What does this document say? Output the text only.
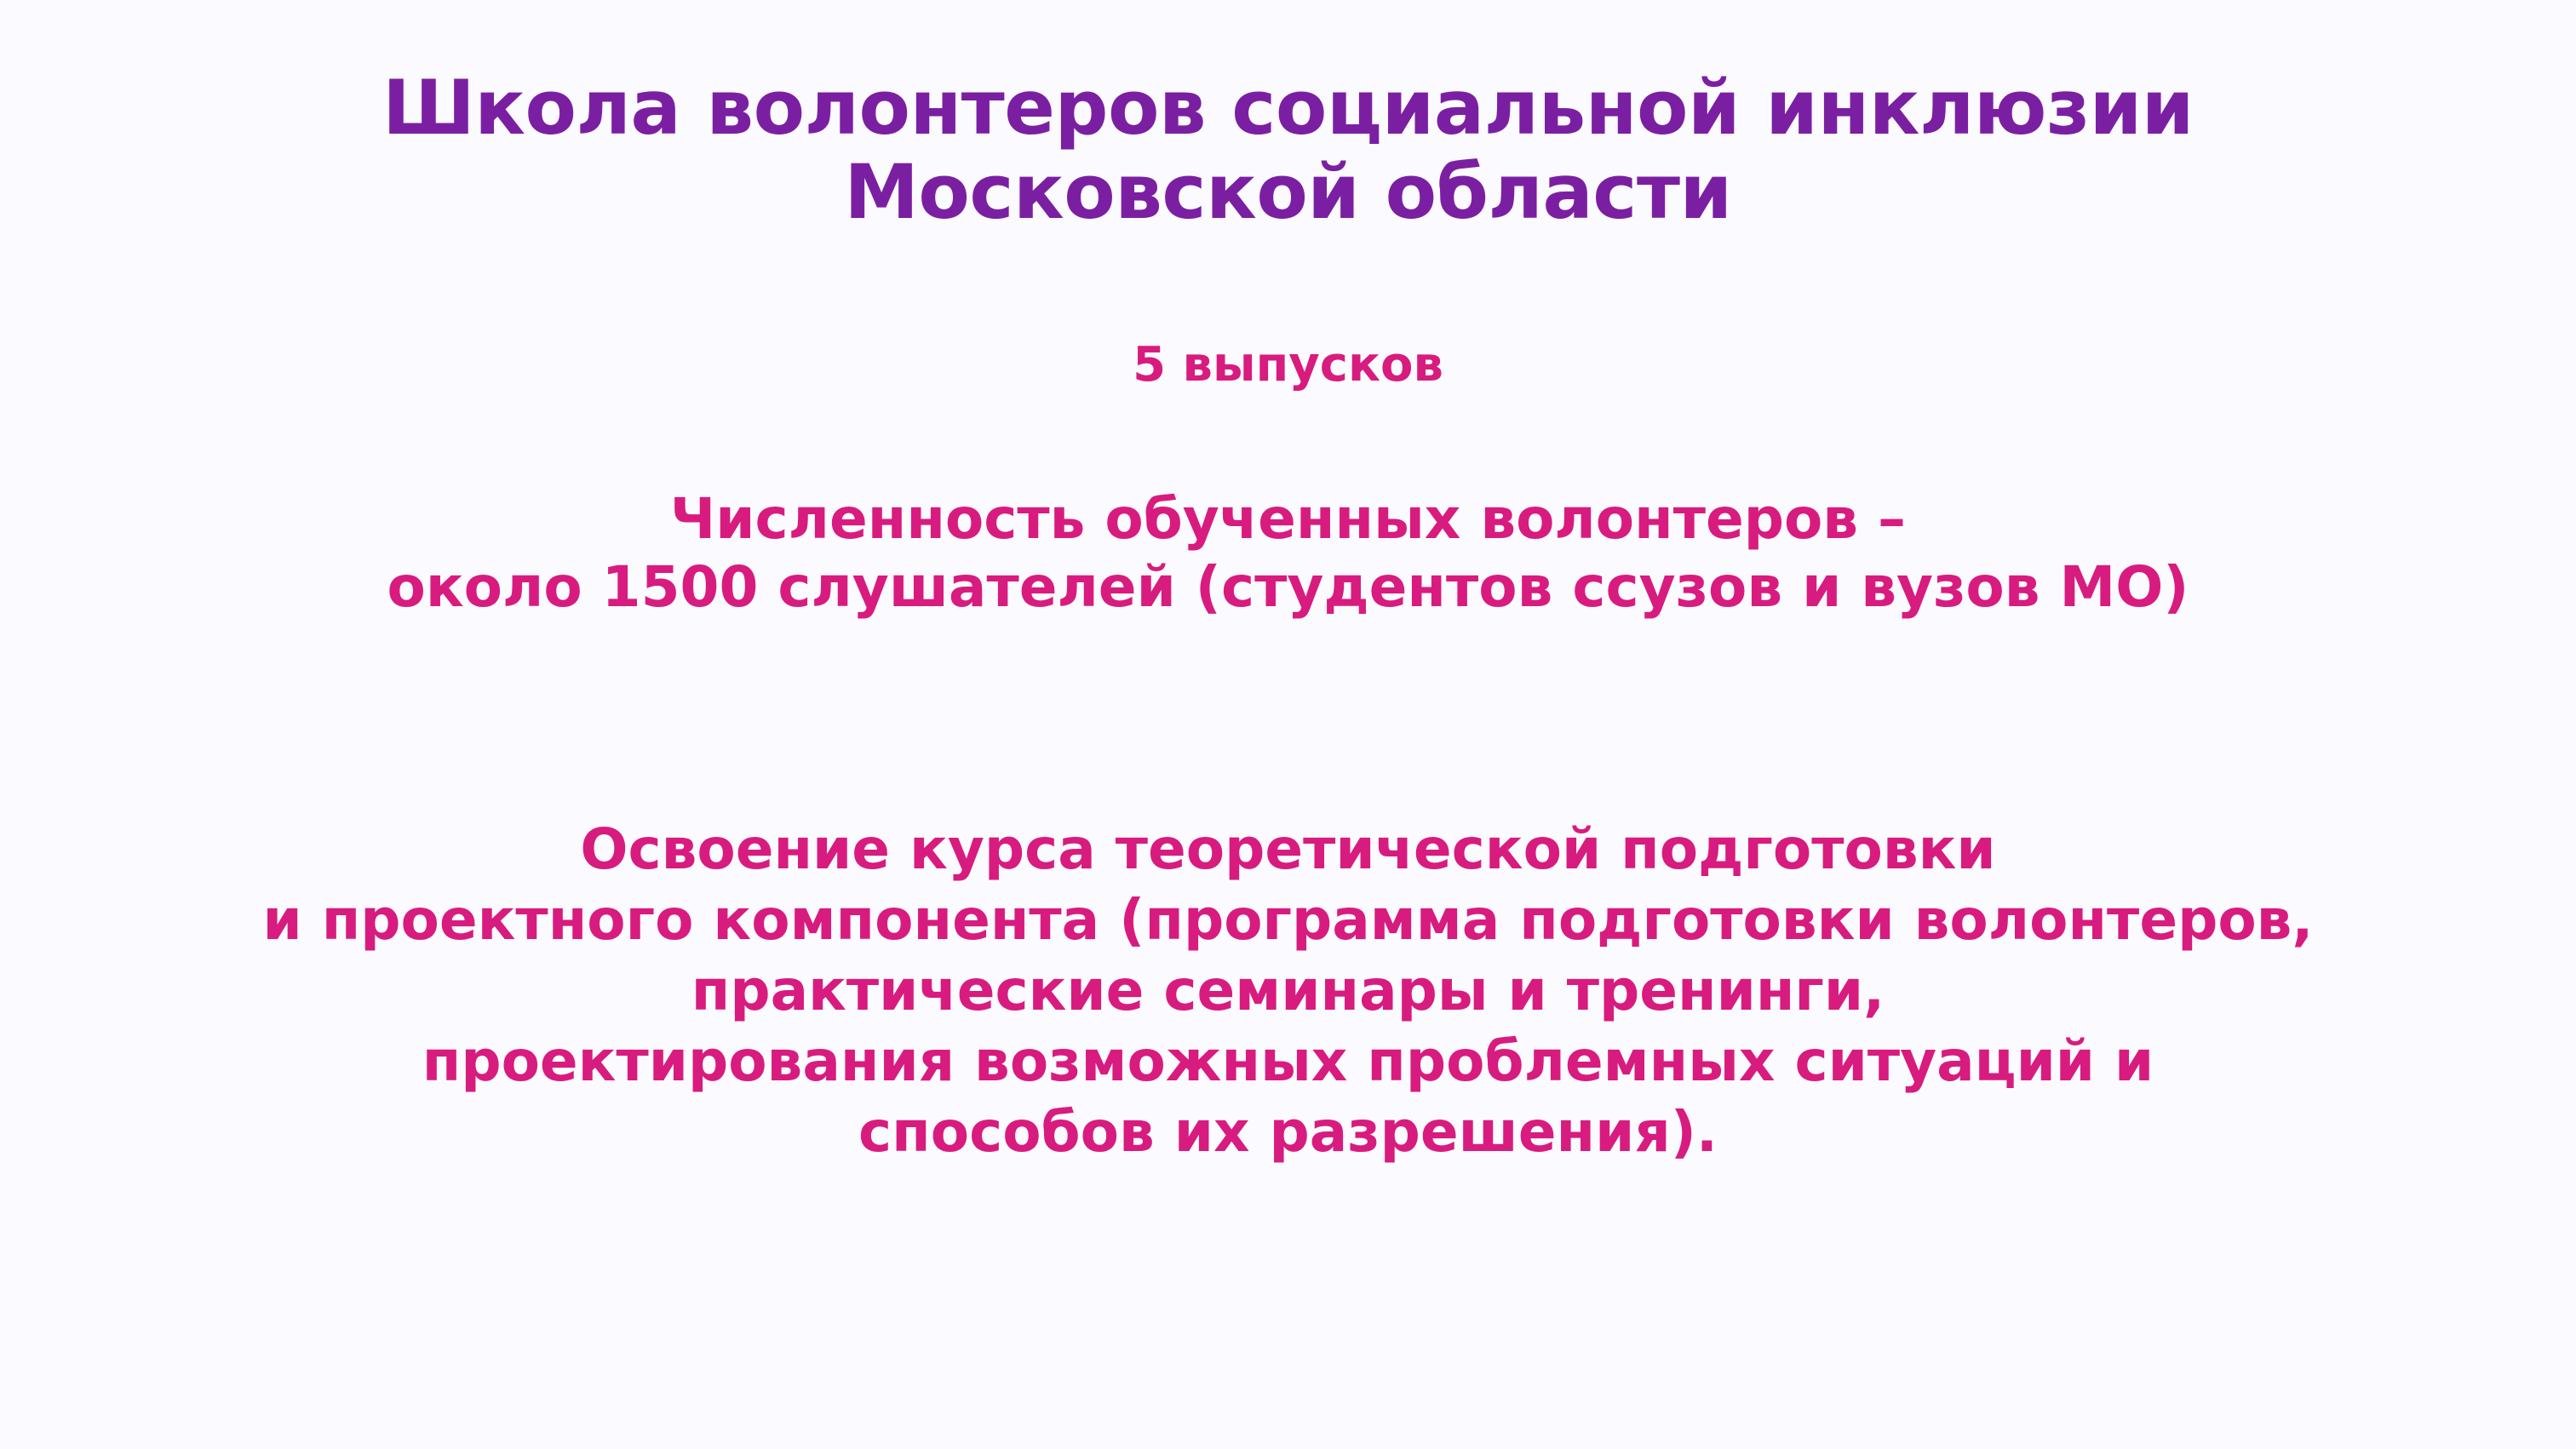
Школа волонтеров социальной инклюзии
Московской области
5 выпусков
Численность обученных волонтеров –
около 1500 слушателей (студентов ссузов и вузов МО)
Освоение курса теоретической подготовки
и проектного компонента (программа подготовки волонтеров,
практические семинары и тренинги,
проектирования возможных проблемных ситуаций и
способов их разрешения).
